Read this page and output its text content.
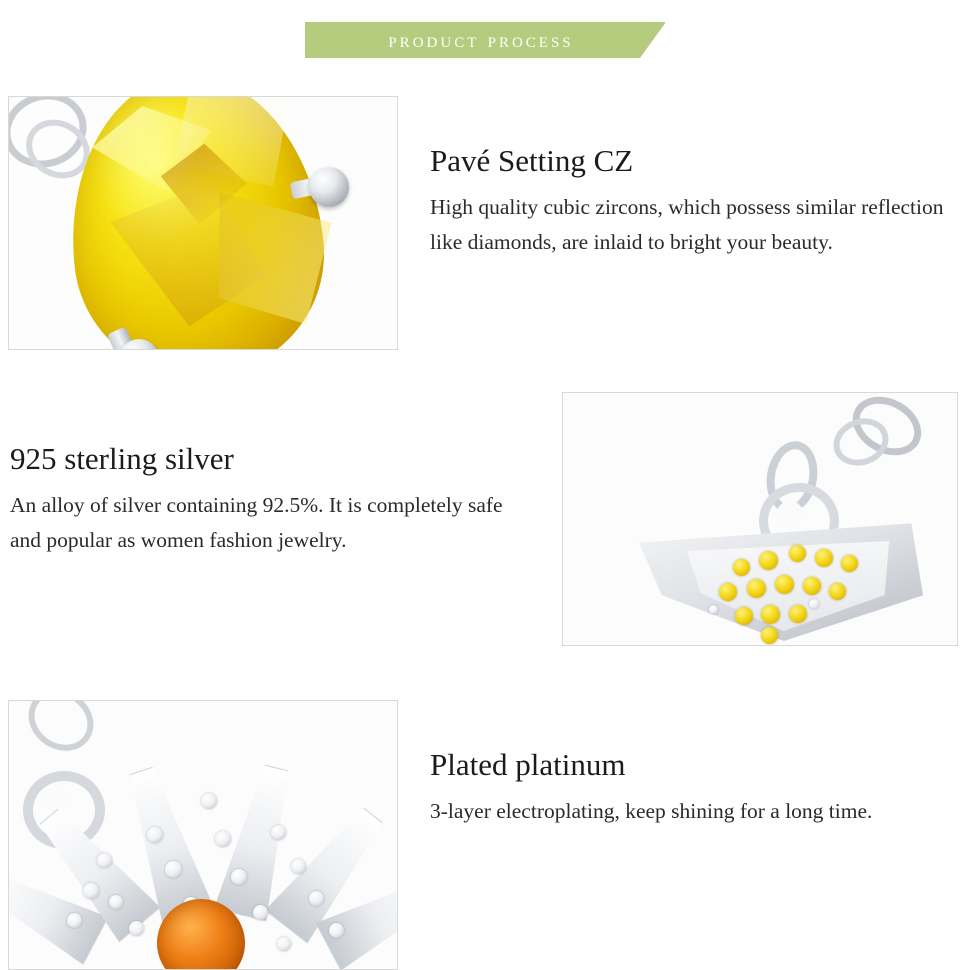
product process
Pavé Setting CZ
High quality cubic zircons, which possess similar reflection like diamonds, are inlaid to bright your beauty.
925 sterling silver
An alloy of silver containing 92.5%. It is completely safe and popular as women fashion jewelry.
Plated platinum
3-layer electroplating, keep shining for a long time.
